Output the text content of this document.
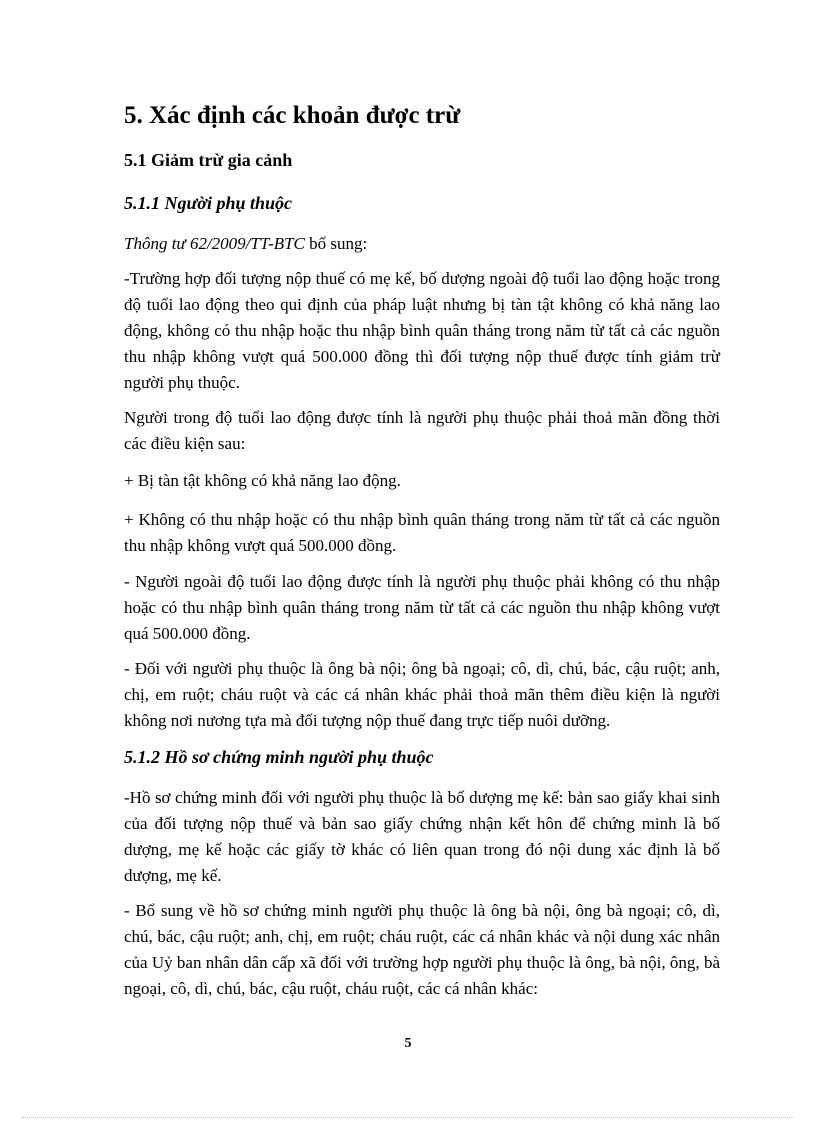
5. Xác định các khoản được trừ
5.1 Giảm trừ gia cảnh
5.1.1 Người phụ thuộc

Thông tư 62/2009/TT-BTC bổ sung:

-Trường hợp đối tượng nộp thuế có mẹ kế, bố dượng ngoài độ tuổi lao động hoặc trong độ tuổi lao động theo qui định của pháp luật nhưng bị tàn tật không có khả năng lao động, không có thu nhập hoặc thu nhập bình quân tháng trong năm từ tất cả các nguồn thu nhập không vượt quá 500.000 đồng thì đối tượng nộp thuế được tính giảm trừ người phụ thuộc.

Người trong độ tuổi lao động được tính là người phụ thuộc phải thoả mãn đồng thời các điều kiện sau:

+ Bị tàn tật không có khả năng lao động.

+ Không có thu nhập hoặc có thu nhập bình quân tháng trong năm từ tất cả các nguồn thu nhập không vượt quá 500.000 đồng.

- Người ngoài độ tuổi lao động được tính là người phụ thuộc phải không có thu nhập hoặc có thu nhập bình quân tháng trong năm từ tất cả các nguồn thu nhập không vượt quá 500.000 đồng.

- Đối với người phụ thuộc là ông bà nội; ông bà ngoại; cô, dì, chú, bác, cậu ruột; anh, chị, em ruột; cháu ruột và các cá nhân khác phải thoả mãn thêm điều kiện là người không nơi nương tựa mà đối tượng nộp thuế đang trực tiếp nuôi dưỡng.

5.1.2 Hồ sơ chứng minh người phụ thuộc

-Hồ sơ chứng minh đối với người phụ thuộc là bố dượng mẹ kế: bản sao giấy khai sinh của đối tượng nộp thuế và bản sao giấy chứng nhận kết hôn để chứng minh là bố dượng, mẹ kế hoặc các giấy tờ khác có liên quan trong đó nội dung xác định là bố dượng, mẹ kế.

- Bổ sung về hồ sơ chứng minh người phụ thuộc là ông bà nội, ông bà ngoại; cô, dì, chú, bác, cậu ruột; anh, chị, em ruột; cháu ruột, các cá nhân khác và nội dung xác nhân của Uỷ ban nhân dân cấp xã đối với trường hợp người phụ thuộc là ông, bà nội, ông, bà ngoại, cô, dì, chú, bác, cậu ruột, cháu ruột, các cá nhân khác:

5
